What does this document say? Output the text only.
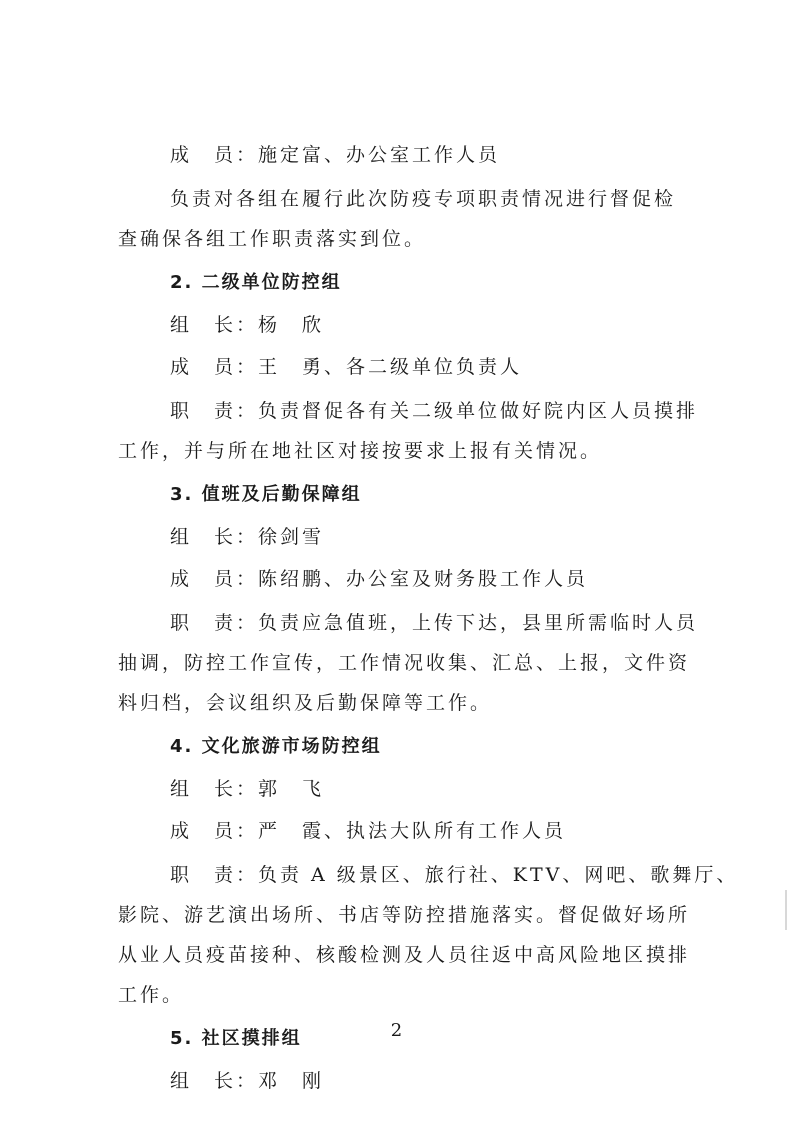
成　员：施定富、办公室工作人员
负责对各组在履行此次防疫专项职责情况进行督促检
查确保各组工作职责落实到位。
2. 二级单位防控组
组　长：杨　欣
成　员：王　勇、各二级单位负责人
职　责：负责督促各有关二级单位做好院内区人员摸排
工作，并与所在地社区对接按要求上报有关情况。
3. 值班及后勤保障组
组　长：徐剑雪
成　员：陈绍鹏、办公室及财务股工作人员
职　责：负责应急值班，上传下达，县里所需临时人员
抽调，防控工作宣传，工作情况收集、汇总、上报，文件资
料归档，会议组织及后勤保障等工作。
4. 文化旅游市场防控组
组　长：郭　飞
成　员：严　霞、执法大队所有工作人员
职　责：负责 A 级景区、旅行社、KTV、网吧、歌舞厅、
影院、游艺演出场所、书店等防控措施落实。督促做好场所
从业人员疫苗接种、核酸检测及人员往返中高风险地区摸排
工作。
5. 社区摸排组
组　长：邓　刚
2
